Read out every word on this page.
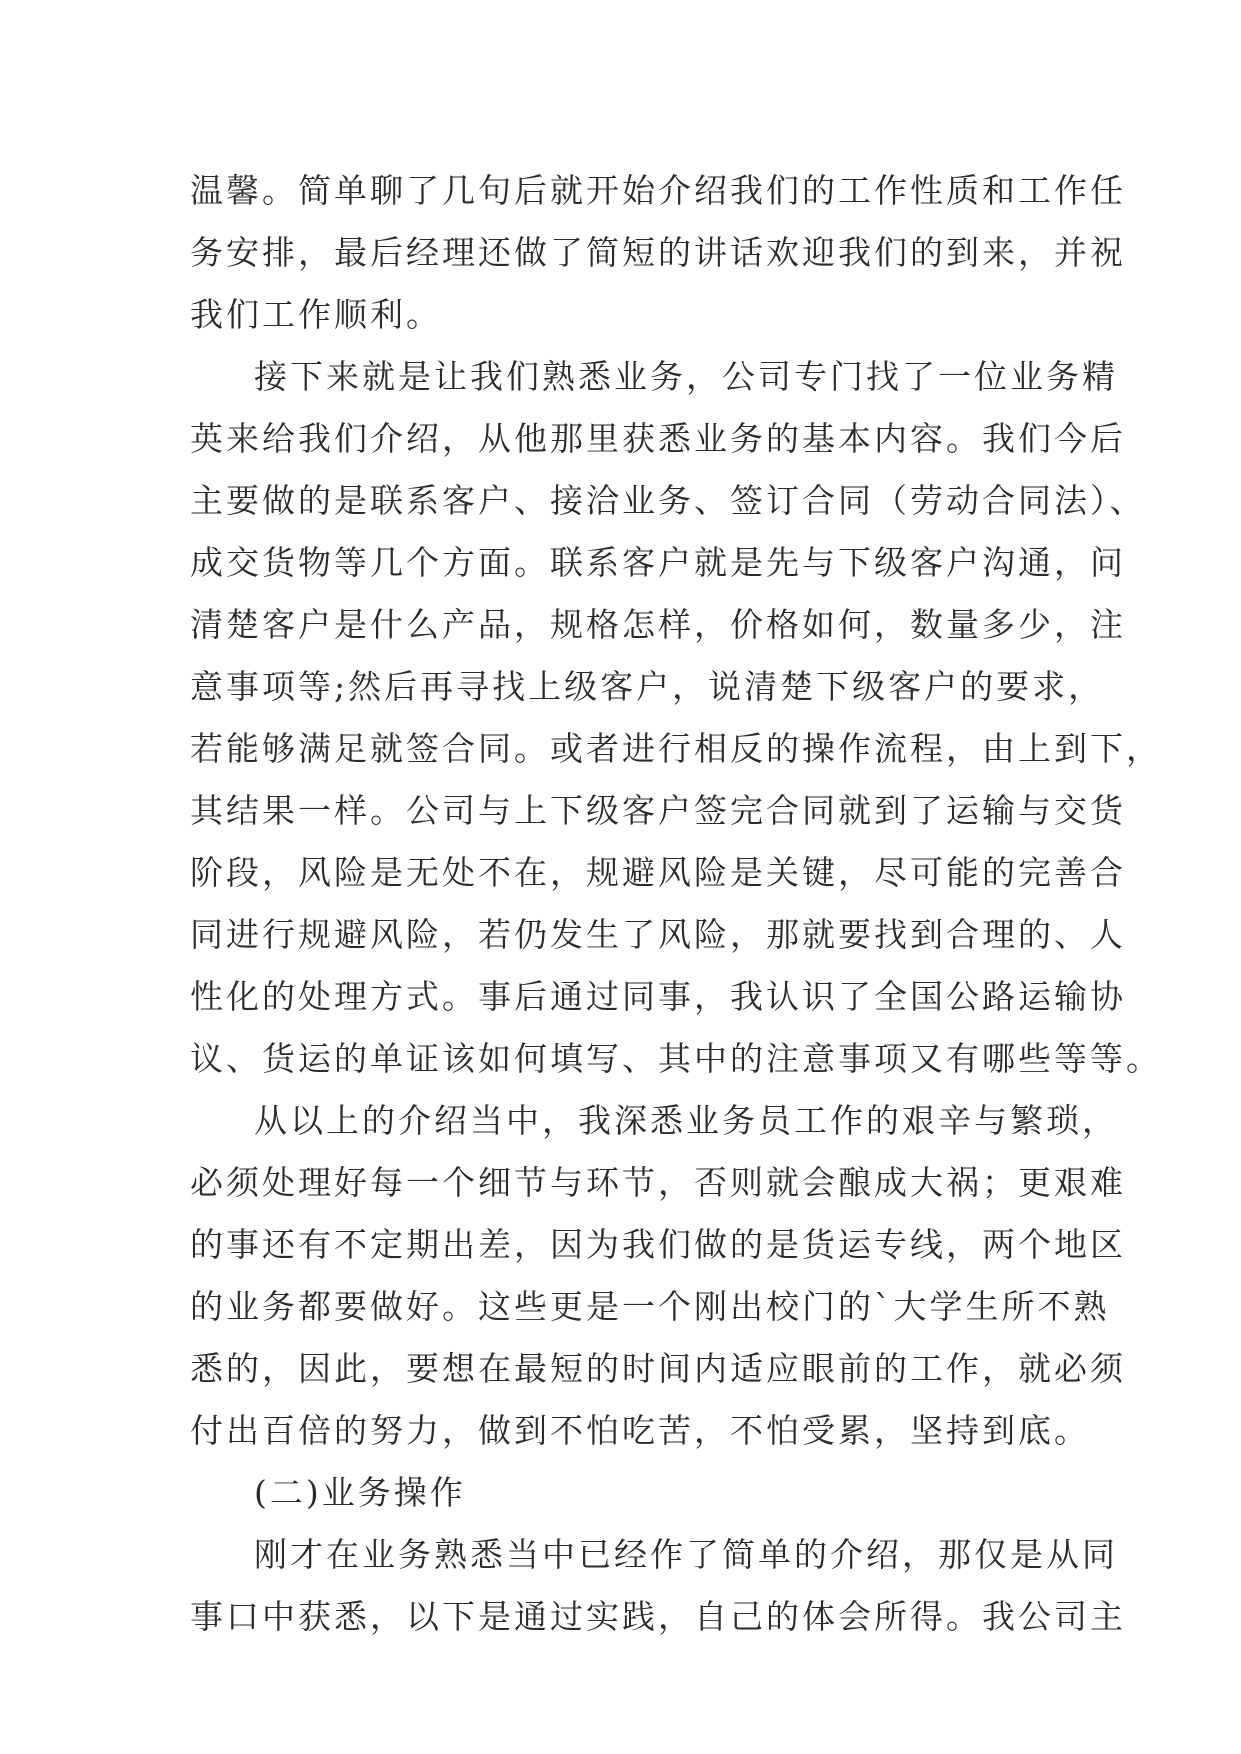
温馨。简单聊了几句后就开始介绍我们的工作性质和工作任
务安排，最后经理还做了简短的讲话欢迎我们的到来，并祝
我们工作顺利。
接下来就是让我们熟悉业务，公司专门找了一位业务精
英来给我们介绍，从他那里获悉业务的基本内容。我们今后
主要做的是联系客户、接洽业务、签订合同（劳动合同法）、
成交货物等几个方面。联系客户就是先与下级客户沟通，问
清楚客户是什么产品，规格怎样，价格如何，数量多少，注
意事项等;然后再寻找上级客户，说清楚下级客户的要求，
若能够满足就签合同。或者进行相反的操作流程，由上到下，
其结果一样。公司与上下级客户签完合同就到了运输与交货
阶段，风险是无处不在，规避风险是关键，尽可能的完善合
同进行规避风险，若仍发生了风险，那就要找到合理的、人
性化的处理方式。事后通过同事，我认识了全国公路运输协
议、货运的单证该如何填写、其中的注意事项又有哪些等等。
从以上的介绍当中，我深悉业务员工作的艰辛与繁琐，
必须处理好每一个细节与环节，否则就会酿成大祸；更艰难
的事还有不定期出差，因为我们做的是货运专线，两个地区
的业务都要做好。这些更是一个刚出校门的`大学生所不熟
悉的，因此，要想在最短的时间内适应眼前的工作，就必须
付出百倍的努力，做到不怕吃苦，不怕受累，坚持到底。
(二)业务操作
刚才在业务熟悉当中已经作了简单的介绍，那仅是从同
事口中获悉，以下是通过实践，自己的体会所得。我公司主
